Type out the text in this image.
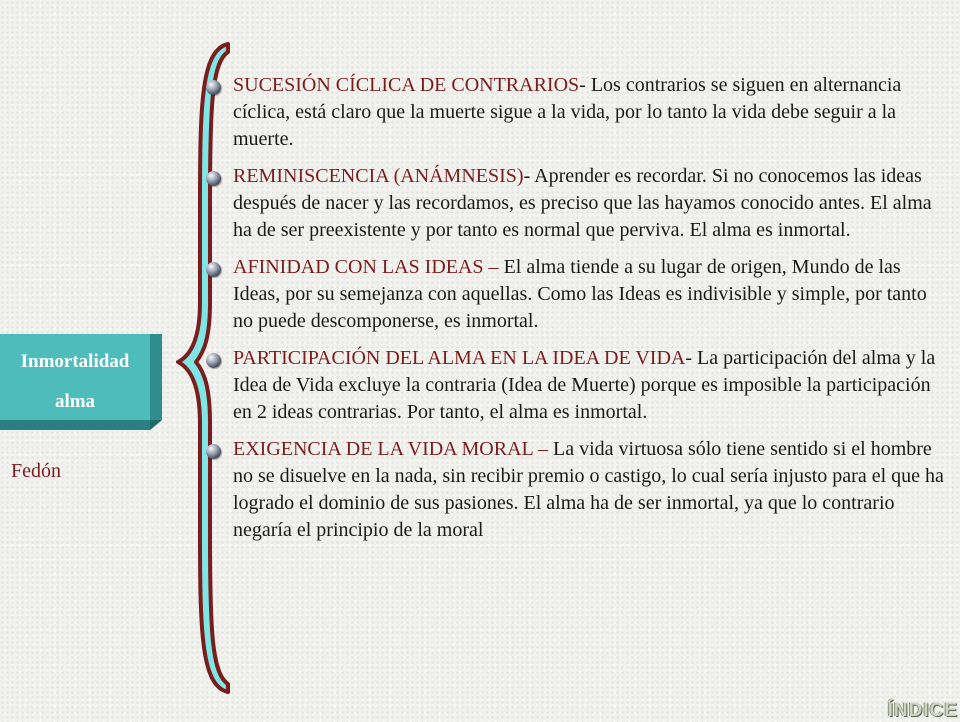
Inmortalidad
alma
Fedón
SUCESIÓN CÍCLICA DE CONTRARIOS- Los contrarios se siguen en alternancia cíclica, está claro que la muerte sigue a la vida, por lo tanto la vida debe seguir a la muerte.
REMINISCENCIA (ANÁMNESIS)- Aprender es recordar. Si no conocemos las ideas después de nacer y las recordamos, es preciso que las hayamos conocido antes. El alma ha de ser preexistente y por tanto es normal que perviva. El alma es inmortal.
AFINIDAD CON LAS IDEAS – El alma tiende a su lugar de origen, Mundo de las Ideas, por su semejanza con aquellas. Como las Ideas es indivisible y simple, por tanto no puede descomponerse, es inmortal.
PARTICIPACIÓN DEL ALMA EN LA IDEA DE VIDA- La participación del alma y la Idea de Vida excluye la contraria (Idea de Muerte) porque es imposible la participación en 2 ideas contrarias. Por tanto, el alma es inmortal.
EXIGENCIA DE LA VIDA MORAL – La vida virtuosa sólo tiene sentido si el hombre no se disuelve en la nada, sin recibir premio o castigo, lo cual sería injusto para el que ha logrado el dominio de sus pasiones. El alma ha de ser inmortal, ya que lo contrario negaría el principio de la moral
ÍNDICE
